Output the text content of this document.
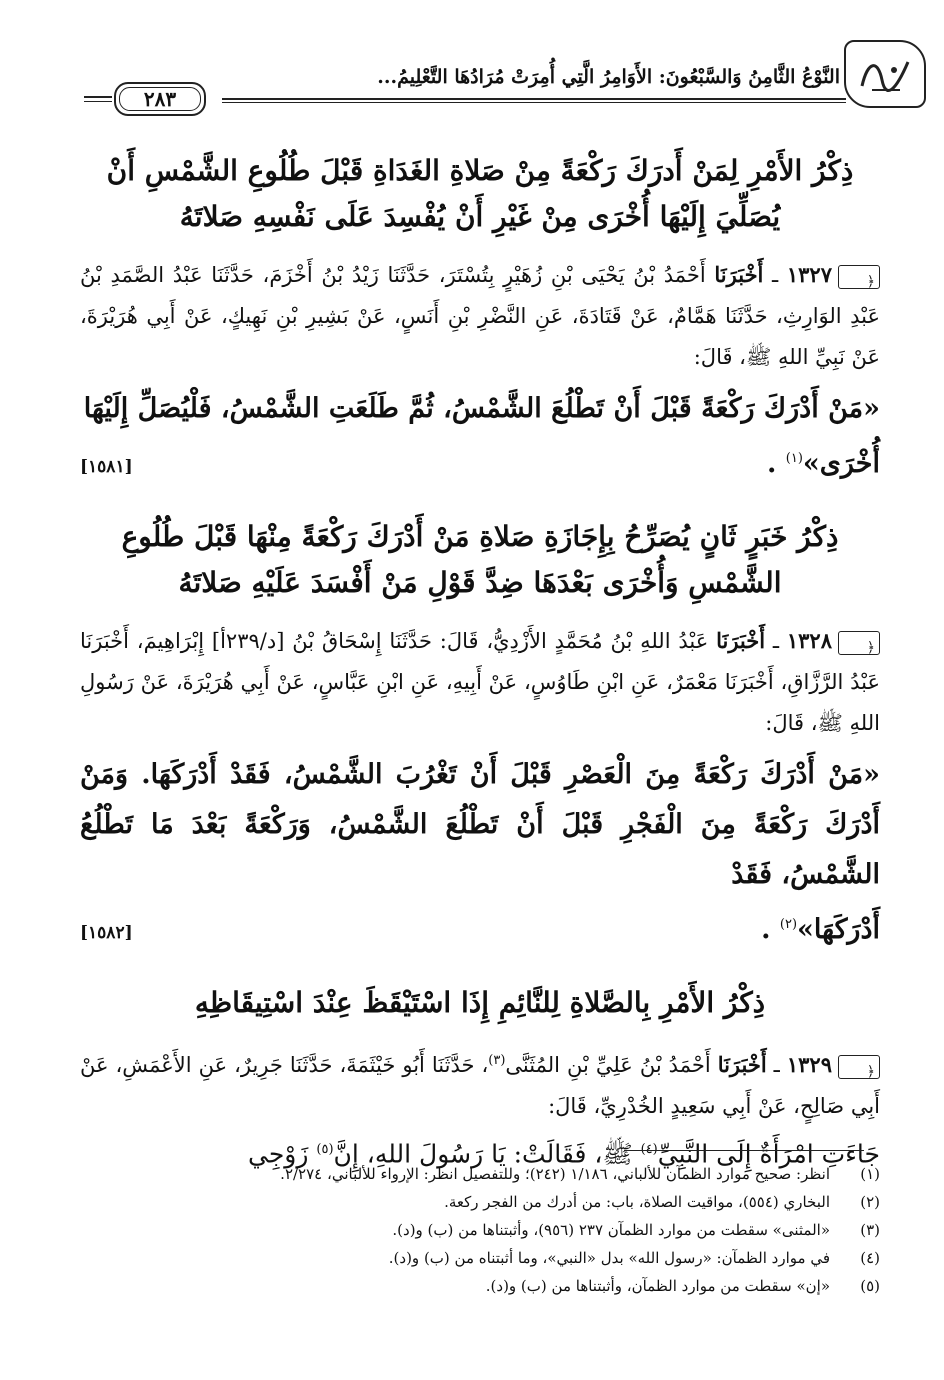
النَّوْعُ الثَّامِنُ وَالسَّبْعُونَ: الأَوَامِرُ الَّتِي أُمِرَتْ مُرَادُهَا التَّعْلِيمُ...
٢٨٣
ذِكْرُ الأَمْرِ لِمَنْ أَدرَكَ رَكْعَةً مِنْ صَلاةِ الغَدَاةِ قَبْلَ طُلُوعِ الشَّمْسِ أَنْ
يُصَلِّيَ إِلَيْهَا أُخْرَى مِنْ غَيْرِ أَنْ يُفْسِدَ عَلَى نَفْسِهِ صَلاتَهُ

﴿١٣٢٧ ـ أَخْبَرَنَا أَحْمَدُ بْنُ يَحْيَى بْنِ زُهَيْرٍ بِتُسْتَرَ، حَدَّثَنَا زَيْدُ بْنُ أَخْزَمَ، حَدَّثَنَا عَبْدُ الصَّمَدِ بْنُ عَبْدِ الوَارِثِ، حَدَّثَنَا هَمَّامٌ، عَنْ قَتَادَةَ، عَنِ النَّضْرِ بْنِ أَنَسٍ، عَنْ بَشِيرِ بْنِ نَهِيكٍ، عَنْ أَبِي هُرَيْرَةَ، عَنْ نَبِيِّ اللهِ ﷺ، قَالَ:

«مَنْ أَدْرَكَ رَكْعَةً قَبْلَ أَنْ تَطْلُعَ الشَّمْسُ، ثُمَّ طَلَعَتِ الشَّمْسُ، فَلْيُصَلِّ إِلَيْهَا

أُخْرَى»$^{(١)}$ .
[١٥٨١]
ذِكْرُ خَبَرٍ ثَانٍ يُصَرِّحُ بِإِجَازَةِ صَلاةِ مَنْ أَدْرَكَ رَكْعَةً مِنْهَا قَبْلَ طُلُوعِ
الشَّمْسِ وَأُخْرَى بَعْدَهَا ضِدَّ قَوْلِ مَنْ أَفْسَدَ عَلَيْهِ صَلاتَهُ

﴿١٣٢٨ ـ أَخْبَرَنَا عَبْدُ اللهِ بْنُ مُحَمَّدٍ الأَزْدِيُّ، قَالَ: حَدَّثَنَا إِسْحَاقُ بْنُ [د/٢٣٩أ] إِبْرَاهِيمَ، أَخْبَرَنَا عَبْدُ الرَّزَّاقِ، أَخْبَرَنَا مَعْمَرٌ، عَنِ ابْنِ طَاوُسٍ، عَنْ أَبِيهِ، عَنِ ابْنِ عَبَّاسٍ، عَنْ أَبِي هُرَيْرَةَ، عَنْ رَسُولِ اللهِ ﷺ، قَالَ:

«مَنْ أَدْرَكَ رَكْعَةً مِنَ الْعَصْرِ قَبْلَ أَنْ تَغْرُبَ الشَّمْسُ، فَقَدْ أَدْرَكَهَا. وَمَنْ أَدْرَكَ رَكْعَةً مِنَ الْفَجْرِ قَبْلَ أَنْ تَطْلُعَ الشَّمْسُ، وَرَكْعَةً بَعْدَ مَا تَطْلُعُ الشَّمْسُ، فَقَدْ

أَدْرَكَهَا»$^{(٢)}$ .
[١٥٨٢]
ذِكْرُ الأَمْرِ بِالصَّلاةِ لِلنَّائِمِ إِذَا اسْتَيْقَظَ عِنْدَ اسْتِيقَاظِهِ

﴿١٣٢٩ ـ أَخْبَرَنَا أَحْمَدُ بْنُ عَلِيِّ بْنِ المُثَنَّى$^{(٣)}$، حَدَّثَنَا أَبُو خَيْثَمَةَ، حَدَّثَنَا جَرِيرٌ، عَنِ الأَعْمَشِ، عَنْ أَبِي صَالِحٍ، عَنْ أَبِي سَعِيدٍ الخُدْرِيِّ، قَالَ:

جَاءَتِ امْرَأَةٌ إِلَى النَّبِيِّ$^{(٤)}$ ﷺ، فَقَالَتْ: يَا رَسُولَ اللهِ، إِنَّ$^{(٥)}$ زَوْجِي

(١)
انظر: صحيح موارد الظمآن للألباني، ١/١٨٦ (٢٤٢)؛ وللتفصيل انظر: الإرواء للألباني، ٢/٢٧٤.
(٢)
البخاري (٥٥٤)، مواقيت الصلاة، باب: من أدرك من الفجر ركعة.
(٣)
«المثنى» سقطت من موارد الظمآن ٢٣٧ (٩٥٦)، وأثبتناها من (ب) و(د).
(٤)
في موارد الظمآن: «رسول الله» بدل «النبي»، وما أثبتناه من (ب) و(د).
(٥)
«إن» سقطت من موارد الظمآن، وأثبتناها من (ب) و(د).
